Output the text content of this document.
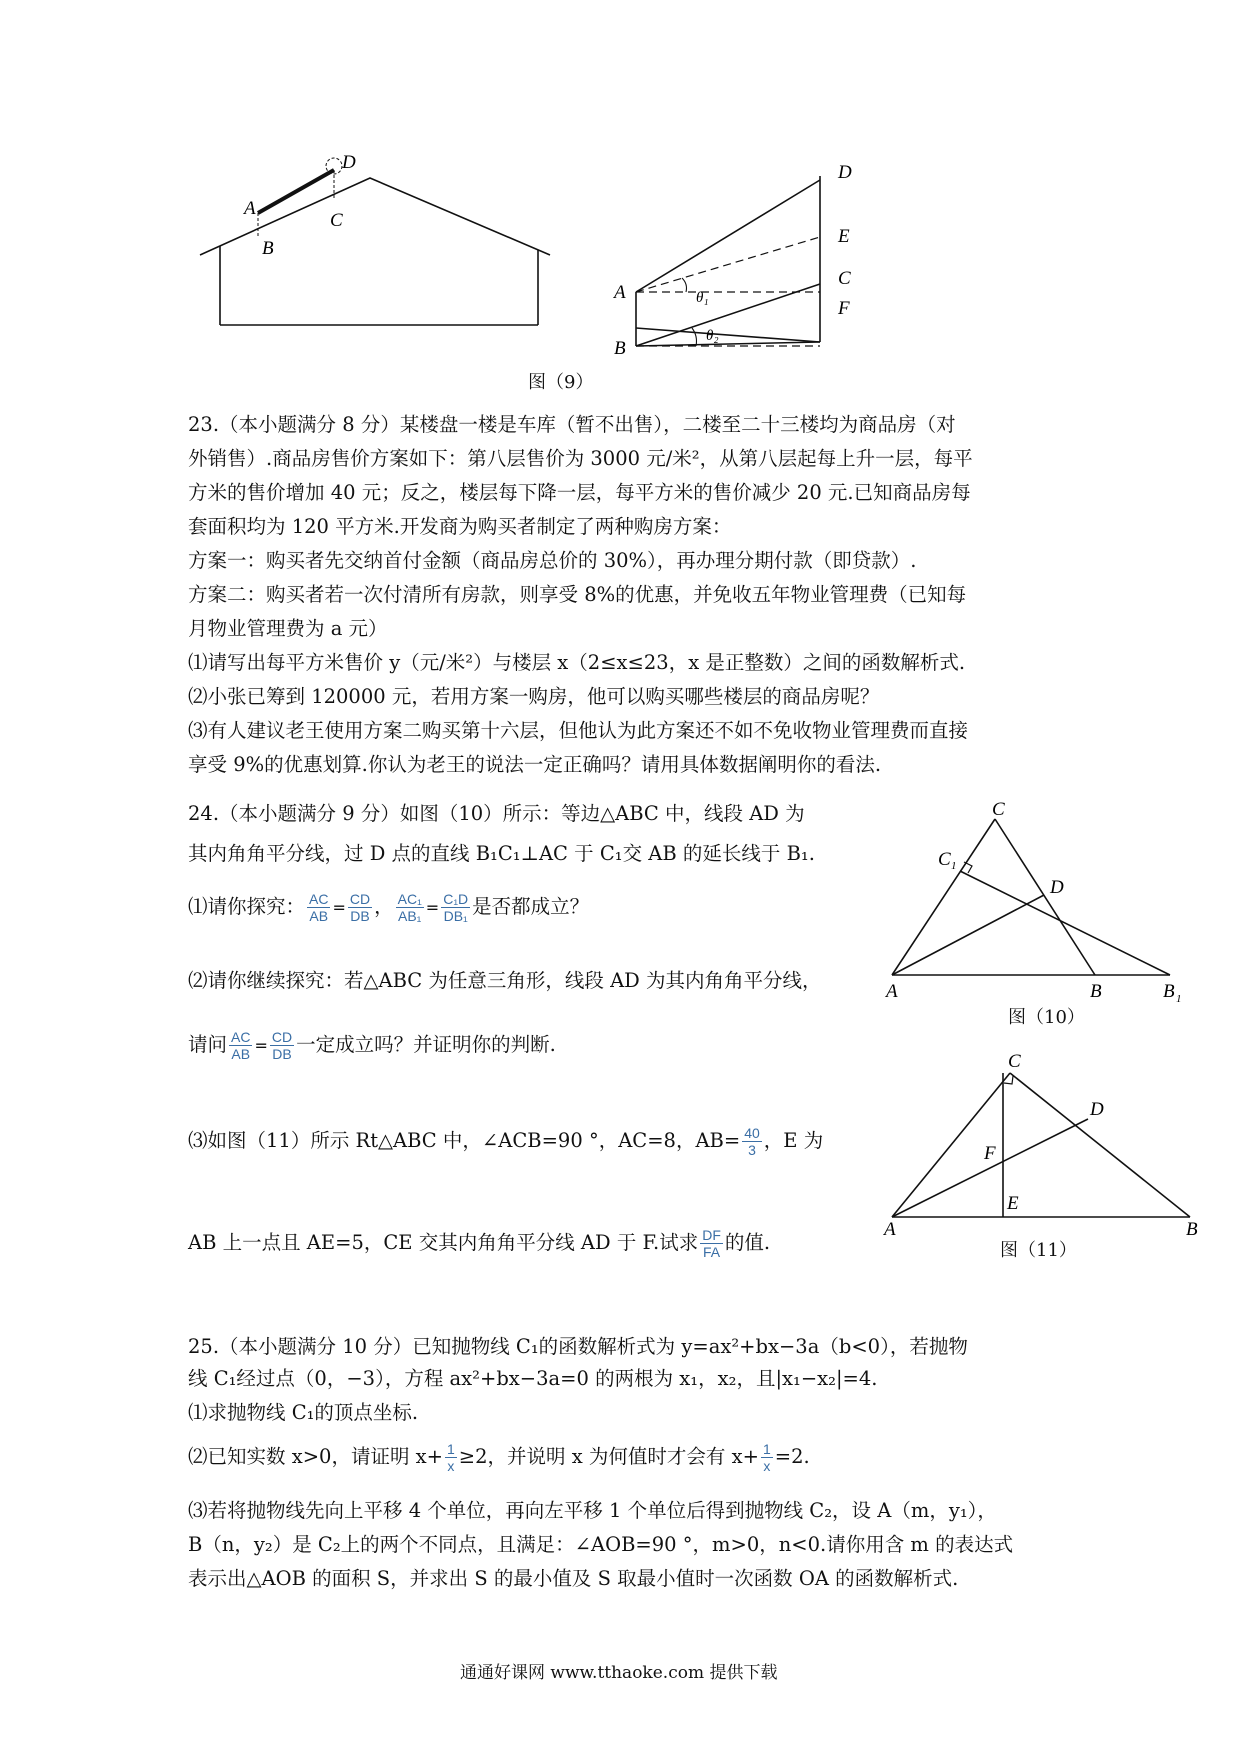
A
B
C
D	D
E
C
F
A
B
θ₁
θ₂
图（9）
23.（本小题满分 8 分）某楼盘一楼是车库（暂不出售），二楼至二十三楼均为商品房（对
外销售）.商品房售价方案如下：第八层售价为 3000 元/米²，从第八层起每上升一层，每平
方米的售价增加 40 元；反之，楼层每下降一层，每平方米的售价减少 20 元.已知商品房每
套面积均为 120 平方米.开发商为购买者制定了两种购房方案：
方案一：购买者先交纳首付金额（商品房总价的 30%），再办理分期付款（即贷款）.
方案二：购买者若一次付清所有房款，则享受 8%的优惠，并免收五年物业管理费（已知每
月物业管理费为 a 元）
⑴请写出每平方米售价 y（元/米²）与楼层 x（2≤x≤23，x 是正整数）之间的函数解析式.
⑵小张已筹到 120000 元，若用方案一购房，他可以购买哪些楼层的商品房呢？
⑶有人建议老王使用方案二购买第十六层，但他认为此方案还不如不免收物业管理费而直接
享受 9%的优惠划算.你认为老王的说法一定正确吗？请用具体数据阐明你的看法.
24.（本小题满分 9 分）如图（10）所示：等边△ABC 中，线段 AD 为
其内角角平分线，过 D 点的直线 B₁C₁⊥AC 于 C₁交 AB 的延长线于 B₁.
⑴请你探究： $\frac{AC}{AB} = \frac{CD}{DB}$ ， $\frac{\text{AC₁}}{\text{AB₁}} = \frac{\text{C₁D}}{\text{DB₁}}$ 是否都成立？
⑵请你继续探究：若△ABC 为任意三角形，线段 AD 为其内角角平分线，
请问 $\frac{AC}{AB} = \frac{CD}{DB}$ 一定成立吗？并证明你的判断.
⑶如图（11）所示 Rt△ABC 中，∠ACB=90 °，AC=8，$AB= \frac{40}{3}$ ，E 为
AB 上一点且 AE=5，CE 交其内角角平分线 AD 于 F.试求 $\frac{DF}{FA}$ 的值.
C
C 1
D
A	B	B 1
图（10）
C
D
F
E
A	B
图（11）
25.（本小题满分 10 分）已知抛物线 C₁的函数解析式为 y=ax²+bx−3a（b<0），若抛物
线 C₁经过点（0，−3），方程 ax²+bx−3a=0 的两根为 x₁，x₂，且|x₁−x₂|=4.
⑴求抛物线 C₁的顶点坐标.
⑵已知实数 x>0，请证明 $x+ \frac{1}{x} \ge 2$，并说明 x 为何值时才会有 $x+ \frac{1}{x} =2$.
⑶若将抛物线先向上平移 4 个单位，再向左平移 1 个单位后得到抛物线 C₂，设 A（m，y₁），
B（n，y₂）是 C₂上的两个不同点，且满足：∠AOB=90 °，m>0，n<0.请你用含 m 的表达式
表示出△AOB 的面积 S，并求出 S 的最小值及 S 取最小值时一次函数 OA 的函数解析式.
通通好课网 www.tthaoke.com 提供下载
